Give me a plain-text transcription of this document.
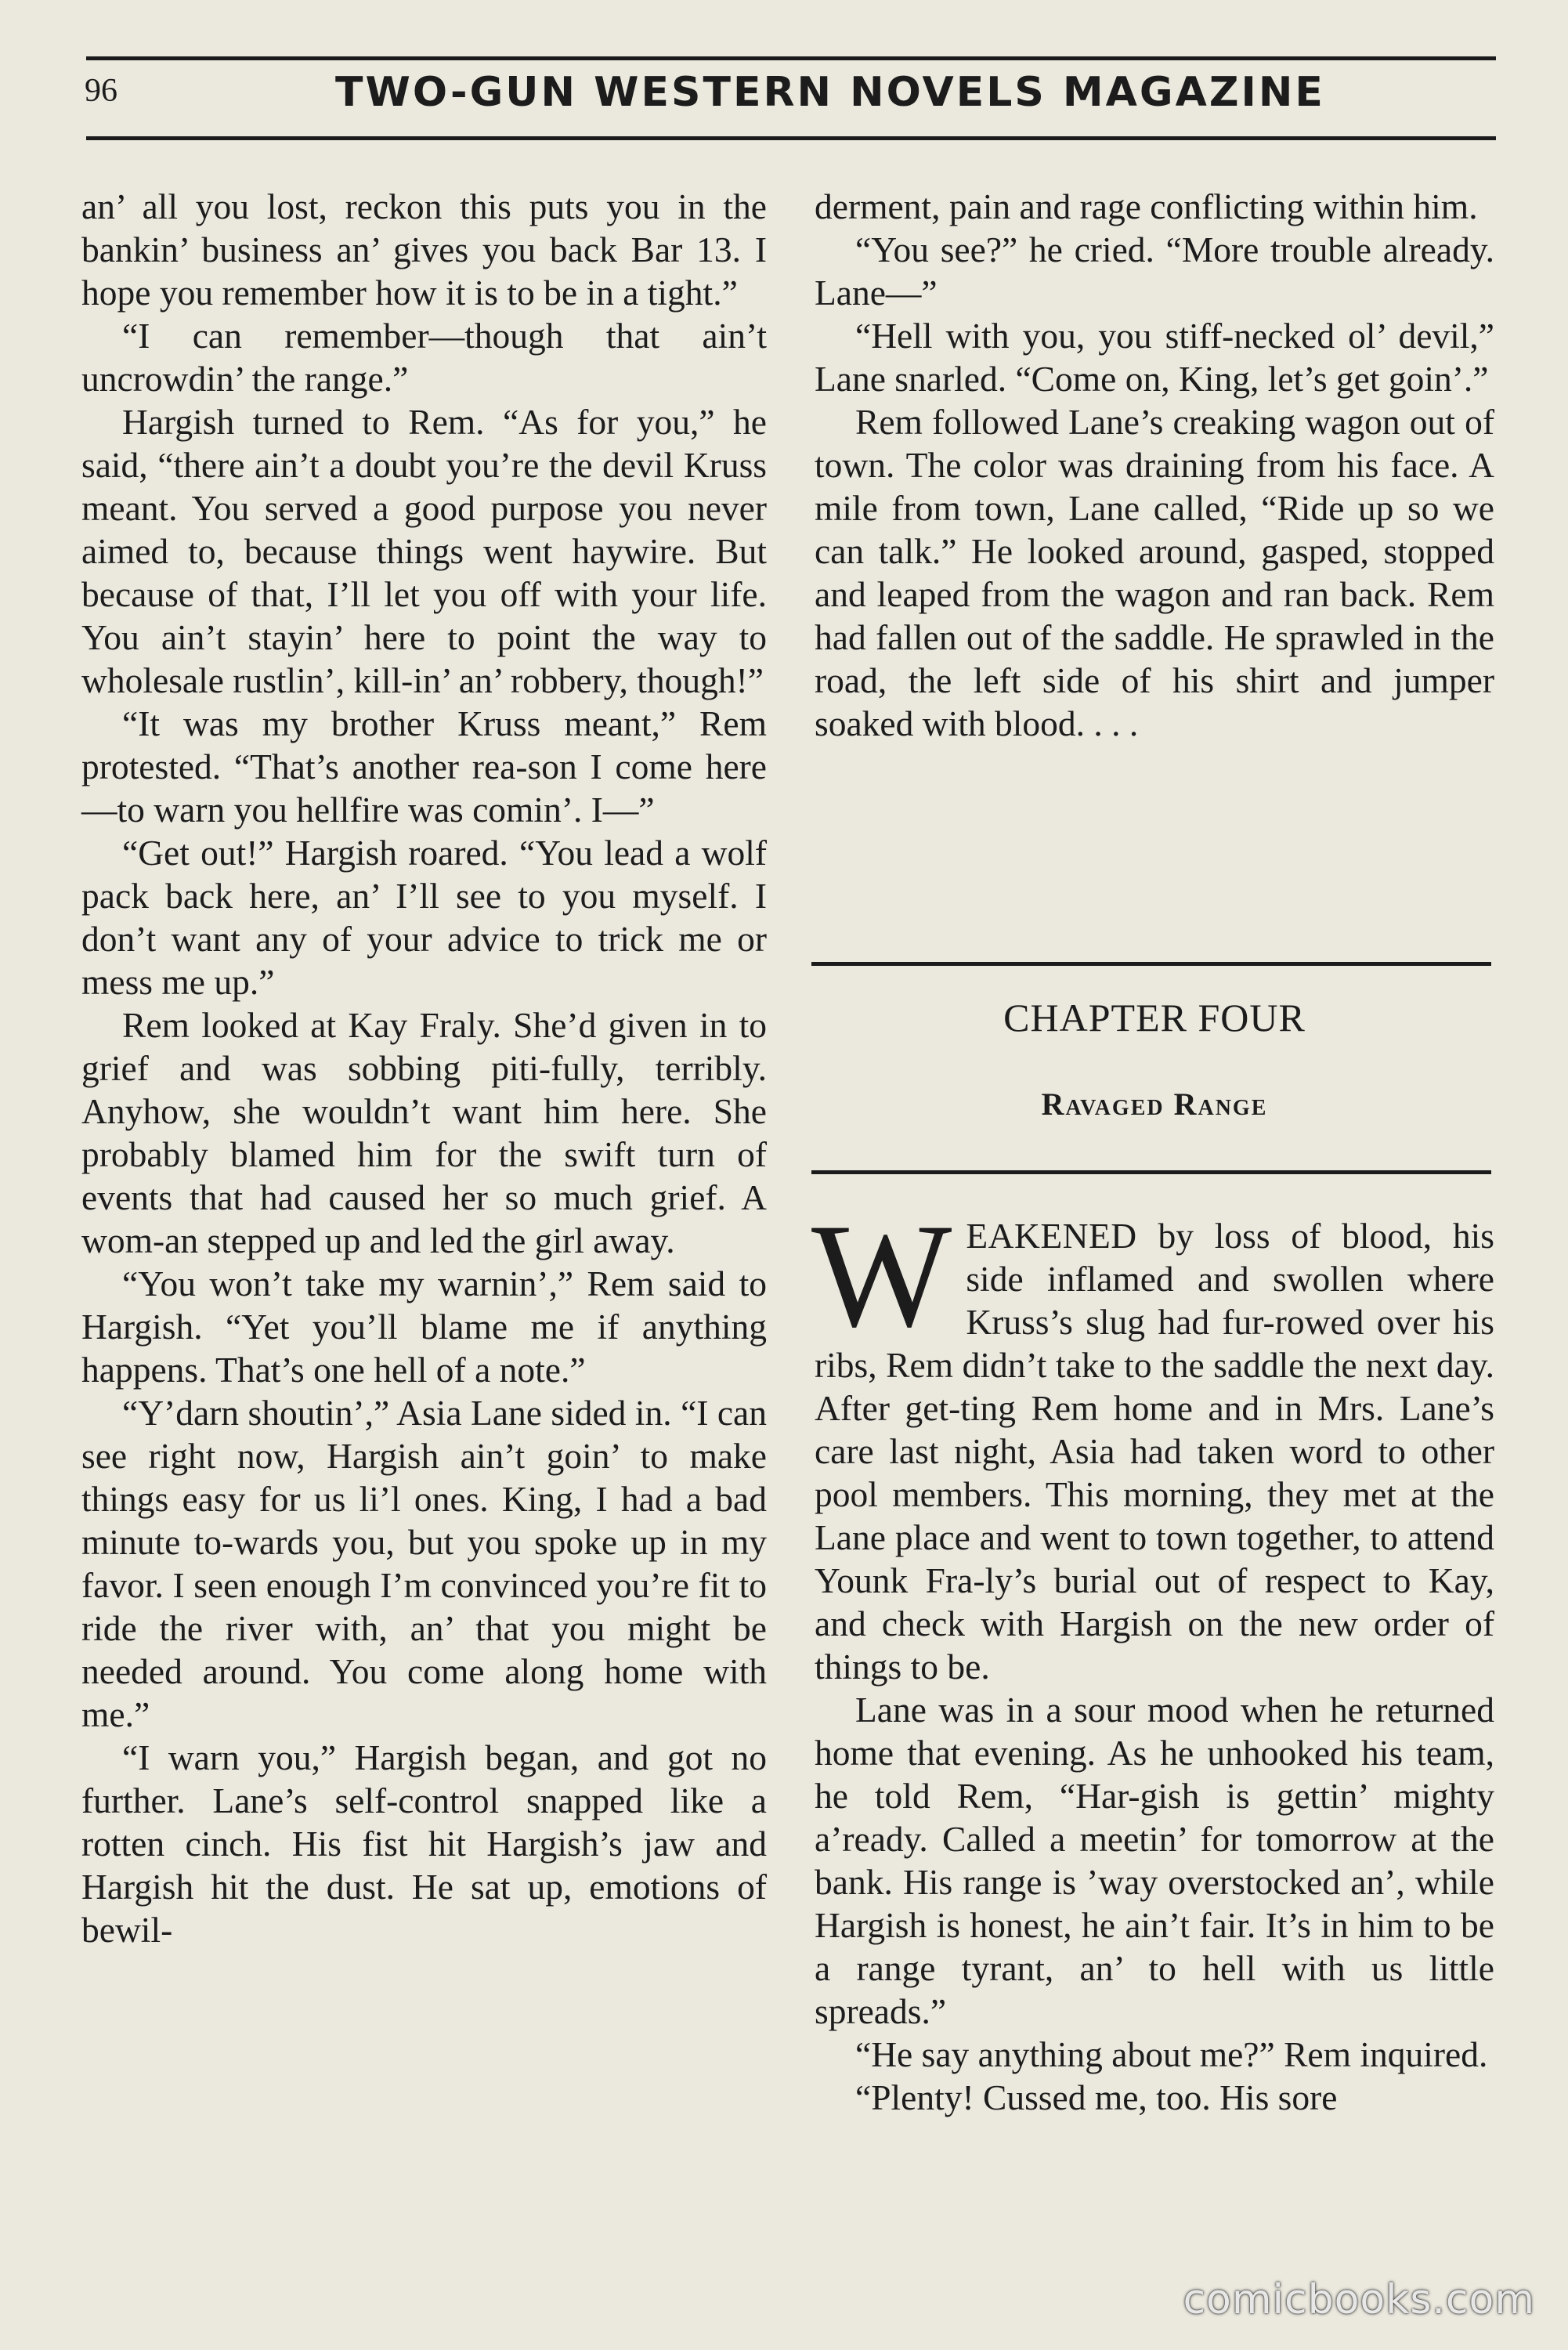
96	TWO-GUN WESTERN NOVELS MAGAZINE

an’ all you lost, reckon this puts you in the bankin’ business an’ gives you back Bar 13. I hope you remember how it is to be in a tight.”

“I can remember—though that ain’t uncrowdin’ the range.”

Hargish turned to Rem. “As for you,” he said, “there ain’t a doubt you’re the devil Kruss meant. You served a good purpose you never aimed to, because things went haywire. But because of that, I’ll let you off with your life. You ain’t stayin’ here to point the way to wholesale rustlin’, kill-in’ an’ robbery, though!”

“It was my brother Kruss meant,” Rem protested. “That’s another rea-son I come here—to warn you hellfire was comin’. I—”

“Get out!” Hargish roared. “You lead a wolf pack back here, an’ I’ll see to you myself. I don’t want any of your advice to trick me or mess me up.”

Rem looked at Kay Fraly. She’d given in to grief and was sobbing piti-fully, terribly. Anyhow, she wouldn’t want him here. She probably blamed him for the swift turn of events that had caused her so much grief. A wom-an stepped up and led the girl away.

“You won’t take my warnin’,” Rem said to Hargish. “Yet you’ll blame me if anything happens. That’s one hell of a note.”

“Y’darn shoutin’,” Asia Lane sided in. “I can see right now, Hargish ain’t goin’ to make things easy for us li’l ones. King, I had a bad minute to-wards you, but you spoke up in my favor. I seen enough I’m convinced you’re fit to ride the river with, an’ that you might be needed around. You come along home with me.”

“I warn you,” Hargish began, and got no further. Lane’s self-control snapped like a rotten cinch. His fist hit Hargish’s jaw and Hargish hit the dust. He sat up, emotions of bewil-

derment, pain and rage conflicting within him.

“You see?” he cried. “More trouble already. Lane—”

“Hell with you, you stiff-necked ol’ devil,” Lane snarled. “Come on, King, let’s get goin’.”

Rem followed Lane’s creaking wagon out of town. The color was draining from his face. A mile from town, Lane called, “Ride up so we can talk.” He looked around, gasped, stopped and leaped from the wagon and ran back. Rem had fallen out of the saddle. He sprawled in the road, the left side of his shirt and jumper soaked with blood. . . .

CHAPTER FOUR
Ravaged Range

WEAKENED by loss of blood, his side inflamed and swollen where Kruss’s slug had fur-rowed over his ribs, Rem didn’t take to the saddle the next day. After get-ting Rem home and in Mrs. Lane’s care last night, Asia had taken word to other pool members. This morning, they met at the Lane place and went to town together, to attend Younk Fra-ly’s burial out of respect to Kay, and check with Hargish on the new order of things to be.

Lane was in a sour mood when he returned home that evening. As he unhooked his team, he told Rem, “Har-gish is gettin’ mighty a’ready. Called a meetin’ for tomorrow at the bank. His range is ’way overstocked an’, while Hargish is honest, he ain’t fair. It’s in him to be a range tyrant, an’ to hell with us little spreads.”

“He say anything about me?” Rem inquired.

“Plenty! Cussed me, too. His sore

comicbooks.com
